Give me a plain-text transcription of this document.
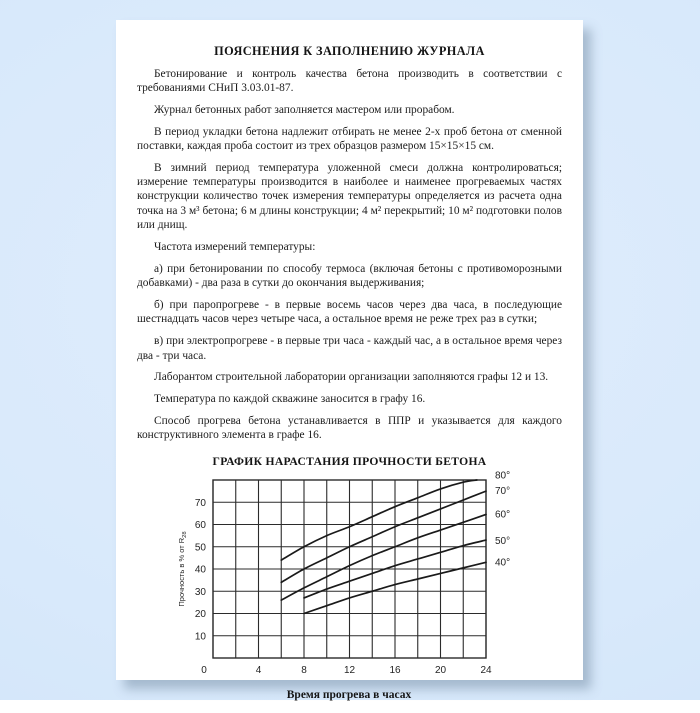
ПОЯСНЕНИЯ К ЗАПОЛНЕНИЮ ЖУРНАЛА

Бетонирование и контроль качества бетона производить в соответствии с требованиями СНиП 3.03.01-87.

Журнал бетонных работ заполняется мастером или прорабом.

В период укладки бетона надлежит отбирать не менее 2-х проб бетона от сменной поставки, каждая проба состоит из трех образцов размером 15×15×15 см.

В зимний период температура уложенной смеси должна контролироваться; измерение температуры производится в наиболее и наименее прогреваемых частях конструкции количество точек измерения температуры определяется из расчета одна точка на 3 м³ бетона; 6 м длины конструкции; 4 м² перекрытий; 10 м² подготовки полов или днищ.

Частота измерений температуры:

а) при бетонировании по способу термоса (включая бетоны с противоморозными добавками) - два раза в сутки до окончания выдерживания;

б) при паропрогреве - в первые восемь часов через два часа, в последующие шестнадцать часов через четыре часа, а остальное время не реже трех раз в сутки;

в) при электропрогреве - в первые три часа - каждый час, а в остальное время через два - три часа.

Лаборантом строительной лаборатории организации заполняются графы 12 и 13.

Температура по каждой скважине заносится в графу 16.

Способ прогрева бетона устанавливается в ППР и указывается для каждого конструктивного элемента в графе 16.

ГРАФИК НАРАСТАНИЯ ПРОЧНОСТИ БЕТОНА
0	4	8	12	16	20	24
10
20
30
40
50
60
70
80°
70°
60°
50°
40°
Прочность в % от $R_{28}$
Время прогрева в часах
